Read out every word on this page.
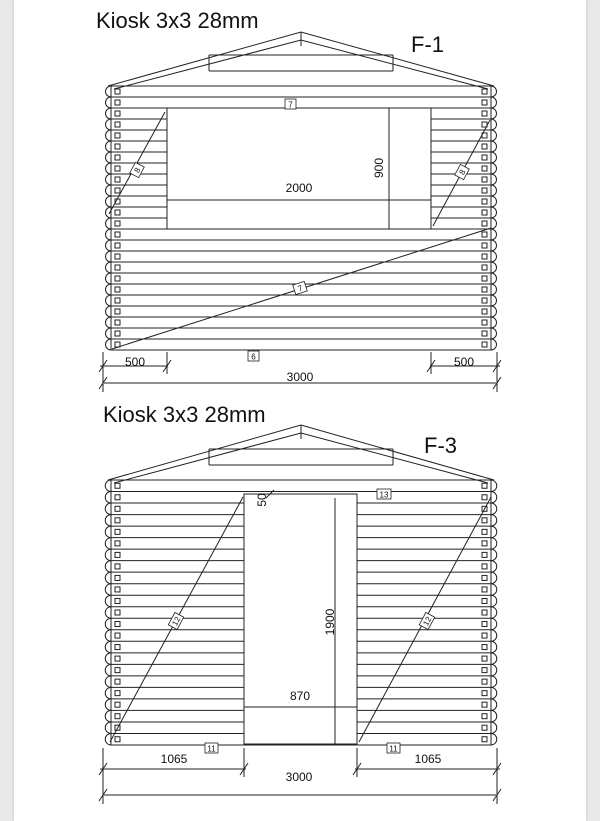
Kiosk 3x3 28mm
F-1
Kiosk 3x3 28mm
F-3
2000
900
3000
500	500
7
8	8
7
6
50
1900
870
3000
1065	1065
13
12	12
11	11
